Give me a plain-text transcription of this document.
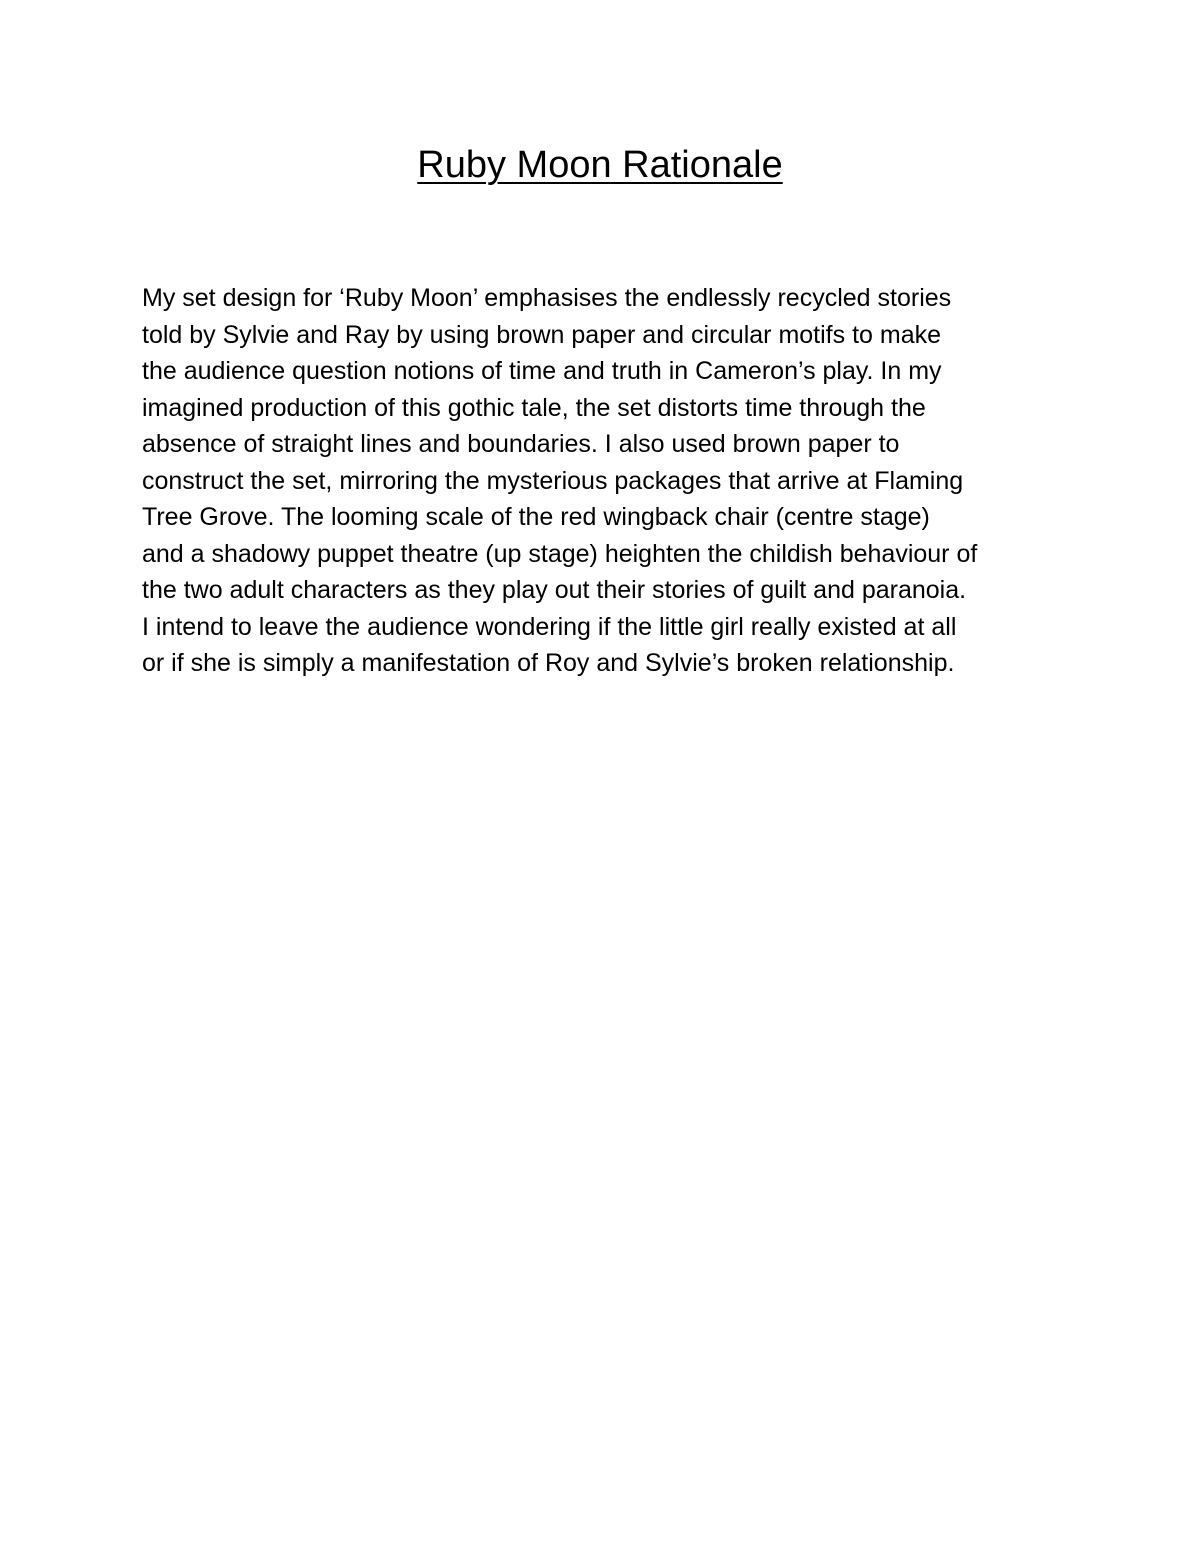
Ruby Moon Rationale
My set design for ‘Ruby Moon’ emphasises the endlessly recycled stories
told by Sylvie and Ray by using brown paper and circular motifs to make
the audience question notions of time and truth in Cameron’s play. In my
imagined production of this gothic tale, the set distorts time through the
absence of straight lines and boundaries. I also used brown paper to
construct the set, mirroring the mysterious packages that arrive at Flaming
Tree Grove. The looming scale of the red wingback chair (centre stage)
and a shadowy puppet theatre (up stage) heighten the childish behaviour of
the two adult characters as they play out their stories of guilt and paranoia.
I intend to leave the audience wondering if the little girl really existed at all
or if she is simply a manifestation of Roy and Sylvie’s broken relationship.
